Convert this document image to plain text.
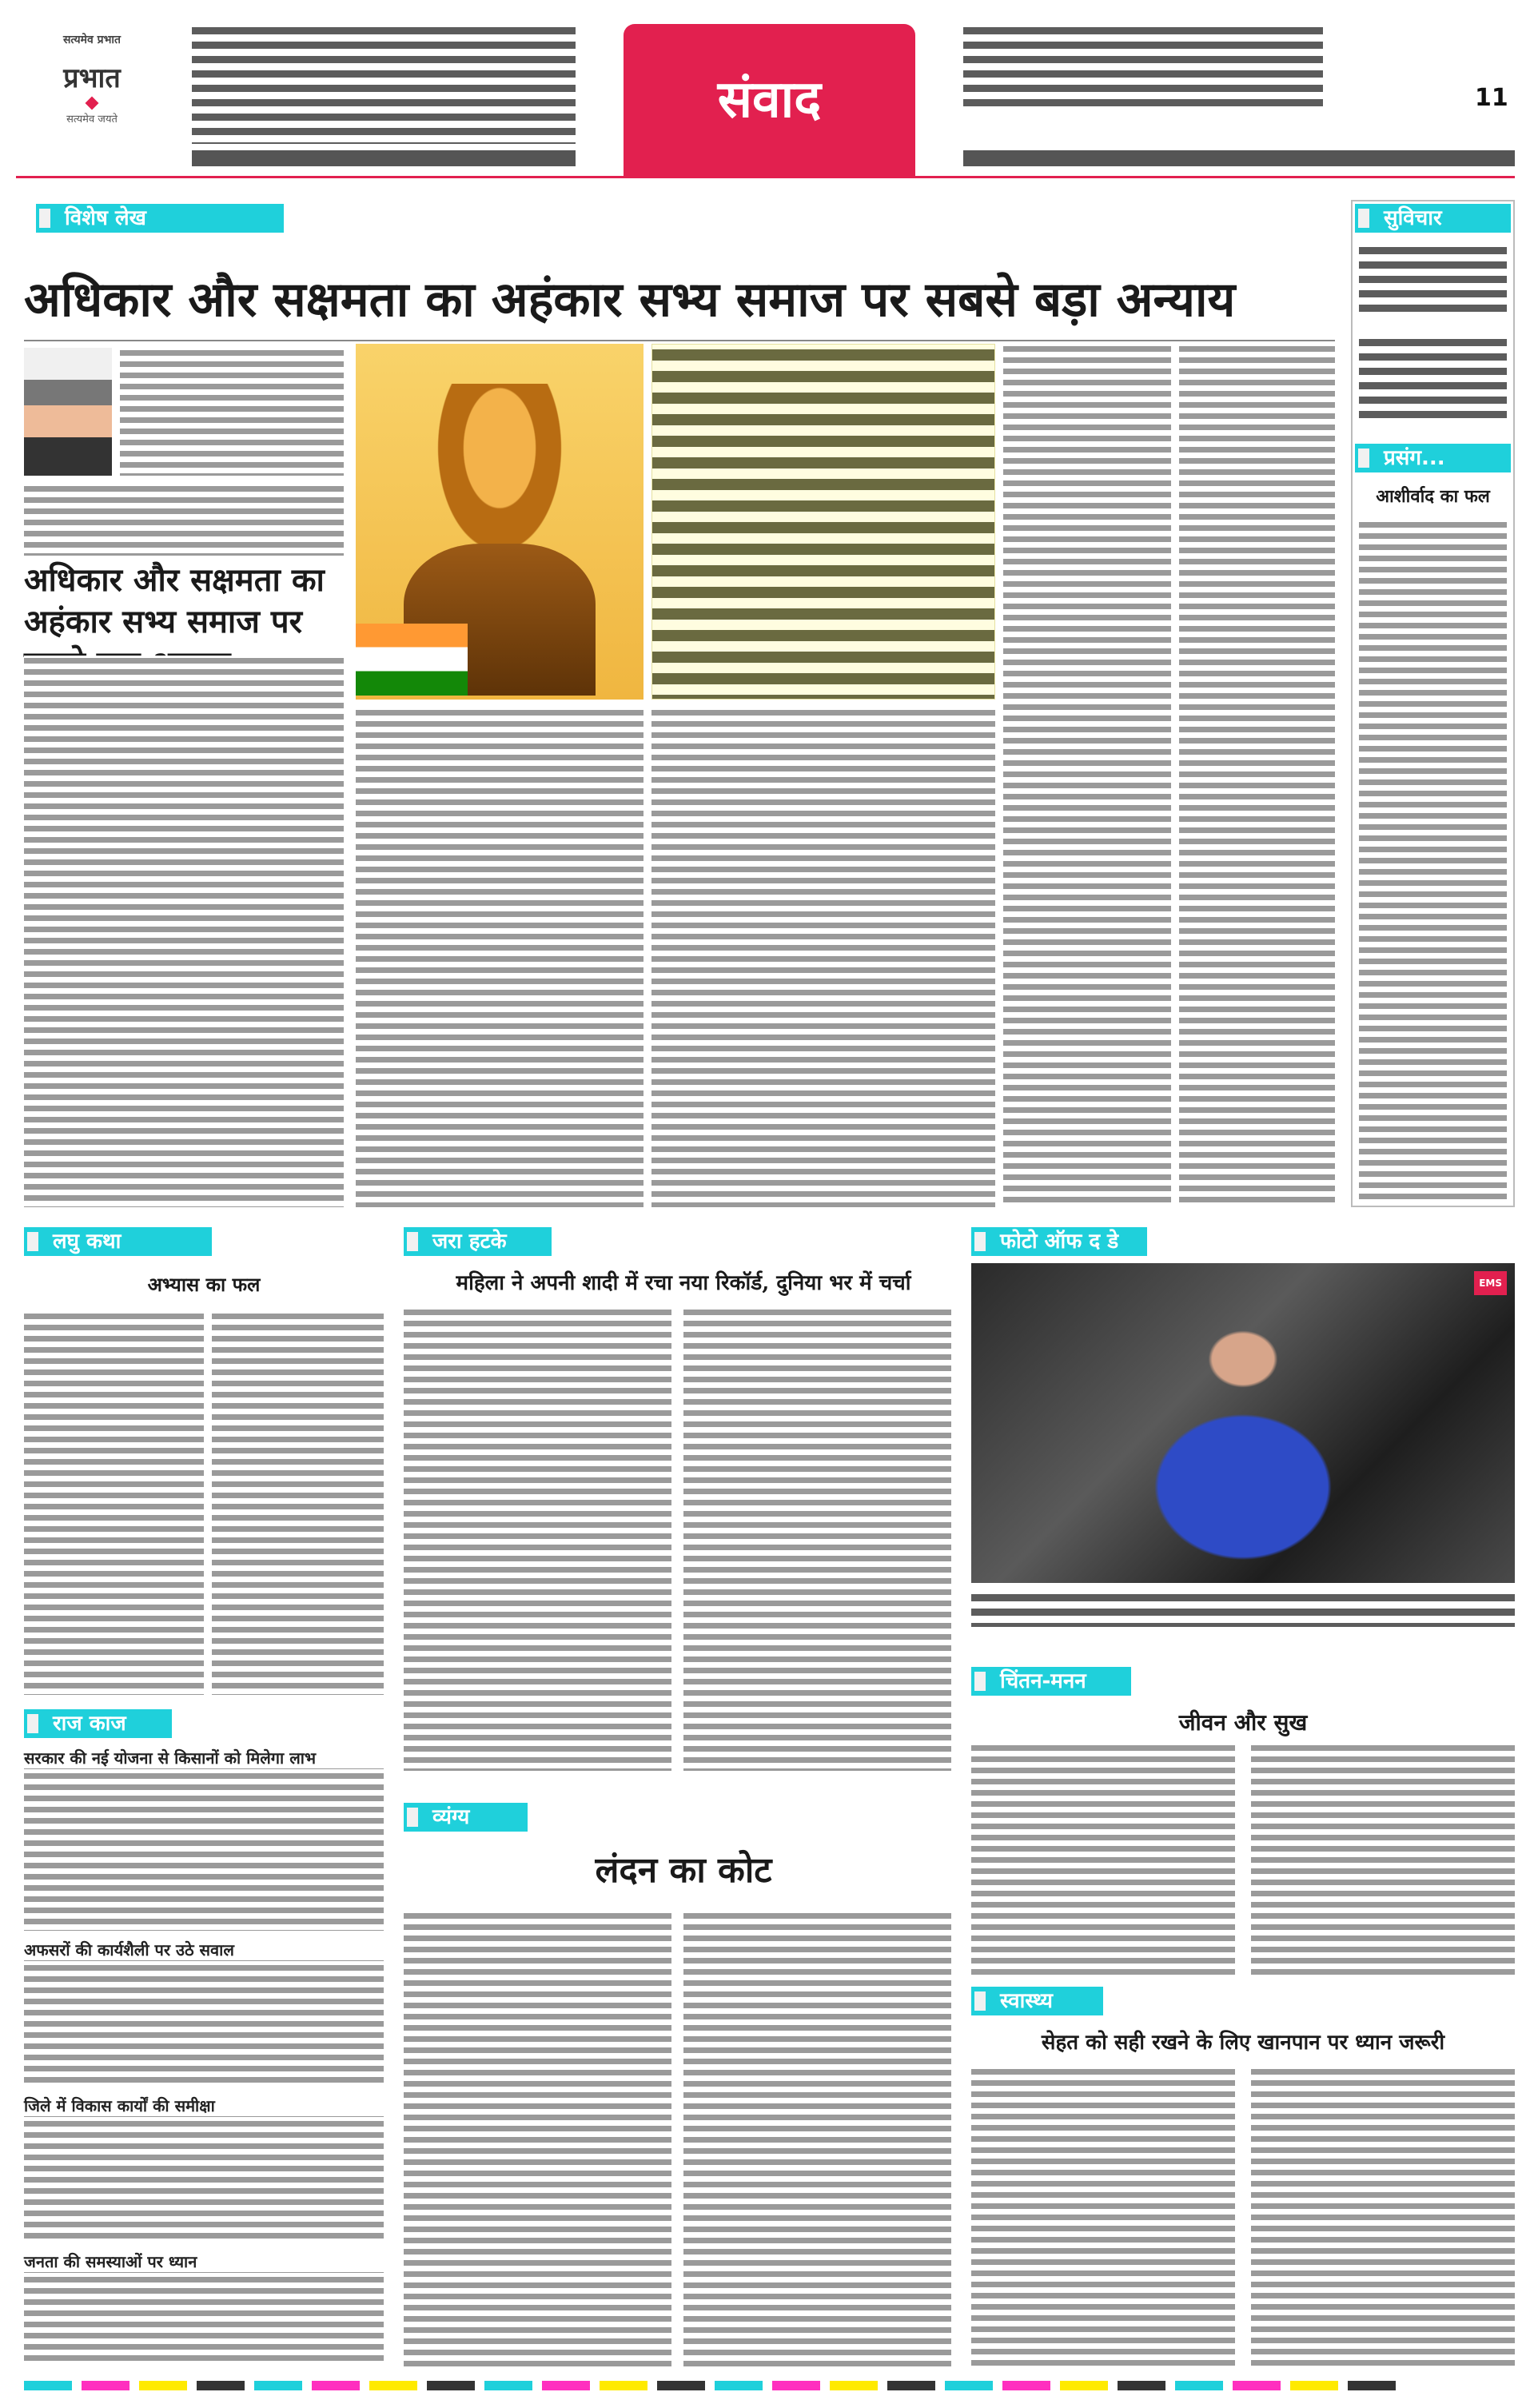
सत्यमेव प्रभात
प्रभात
सत्यमेव जयते	संवाद	11
विशेष लेख
अधिकार और सक्षमता का अहंकार सभ्य समाज पर सबसे बड़ा अन्याय
अधिकार और सक्षमता का अहंकार सभ्य समाज पर
सुविचार
प्रसंग...
आशीर्वाद का फल
लघु कथा
अभ्यास का फल
जरा हटके
महिला ने अपनी शादी में रचा नया रिकॉर्ड, दुनिया भर में चर्चा
फोटो ऑफ द डे
EMS
राज काज
सरकार की नई योजना से किसानों को मिलेगा लाभ
अफसरों की कार्यशैली पर उठे सवाल
जिले में विकास कार्यों की समीक्षा
जनता की समस्याओं पर ध्यान
व्यंग्य
लंदन का कोट
चिंतन-मनन
जीवन और सुख
स्वास्थ्य
सेहत को सही रखने के लिए खानपान पर ध्यान जरूरी
